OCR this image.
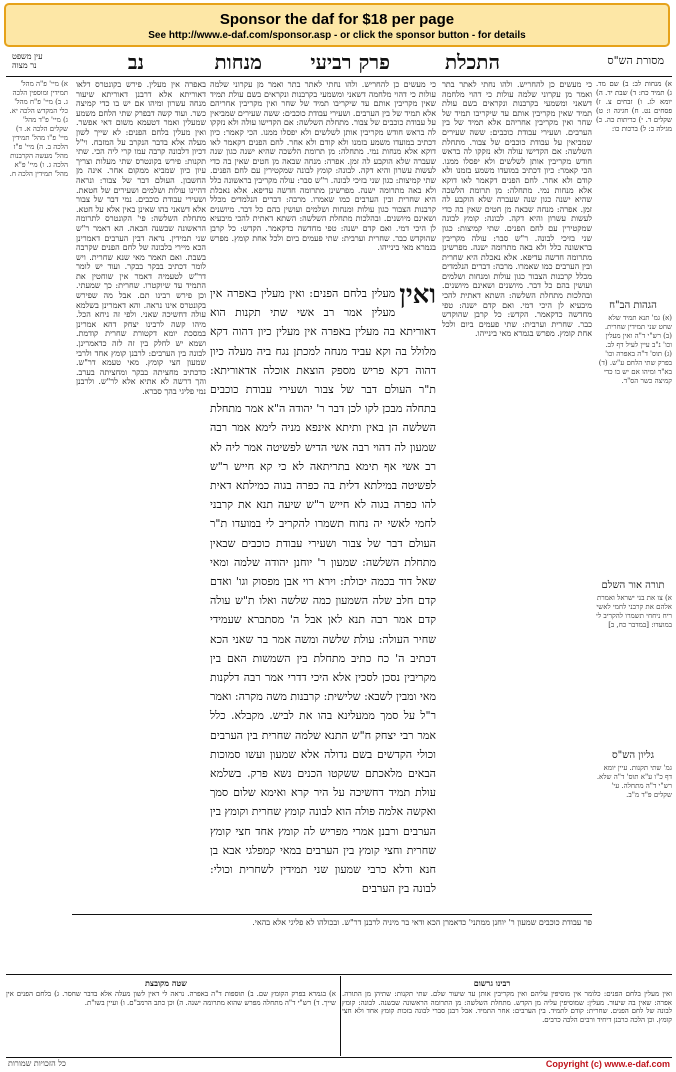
Sponsor the daf for $18 per page
See http://www.e-daf.com/sponsor.asp - or click the sponsor button - for details
מסורת הש"ס
התכלת
פרק רביעי
מנחות
נב
עין משפט
נר מצוה
א) מנחות לב: ב) שם מד. ג) תמיד כח: ד) שבת יד. ה) יומא לג. ו) זבחים צ. ז) פסחים נט. ח) חגיגה ו: ט) שקלים ד. י) כריתות כה. כ) מגילה כ: ל) ברכות כו:
הגהות הב"ח
(א) גמ' תנא תמיד שלא שחט שני תמידין שחרית. (ב) רש"י ד"ה ואין מעלין וכו' נ"ב עיין לעיל דף לב. (ג) תוס' ד"ה באפרה וכו' בפרק שתי הלחם ע"ש. (ד) בא"ד ומיהו אם יש בו כדי קמיצה כשר הס"ד.
תורה אור השלם
א) צו את בני ישראל ואמרת אלהם את קרבני לחמי לאשי ריח ניחחי תשמרו להקריב לי במועדו: [במדבר כח, ב]
גליון הש"ס
גמ' שתי תקנות. עיין יומא דף כ"ו ע"א תוס' ד"ה שלא. רש"י ד"ה מתחלה. עי' שקלים פ"ד מ"ב.
כי מעשים כן להחריש. ולהו נחתי לאתר בתר ואמר מן עקרוני שלמה עולות כי דהוי מלחמה דשאני ומשמעי בקרבנות ונקראים בשם עולת תמיד שאין מקריבין אותם עד שיקריבו תמיד של שחר ואין מקריבין אחריהם אלא תמיד של בין הערבים. ושעירי עבודת כוכבים: ששה שעירים שמביאין על עבודת כוכבים של צבור. מתחלת השלשה: אם הקדישו עולה ולא נזקקו לה בראש חודש מקריבין אותן לשלשים ולא יפסלו ממנו. הכי קאמר: כיון דכתיב במועדו משמע בזמנו ולא קודם ולא אחר. לחם הפנים דקאמר לאו דוקא אלא מנחות נמי. מתחלה: מן תרומת הלשכה שהיא ישנה כגון שנה שעברה שלא הוקבע לה זמן. אפרה: מנחה שבאה מן חטים שאין בה כדי לעשות עשרון והיא דקה. לבונה: קומץ לבונה שמקטירין עם לחם הפנים. שתי קמיצות: כגון שני בזיכי לבונה. ר"ש סבר: עולה מקריבין בראשונה כלל ולא באה מתרומה ישנה. מפרשינן מתרומה חדשה עדיפא. אלא נאכלת היא שחרית ובין הערבים כמו שאמרו. מרבה: דברים הנלמדים מכלל קרבנות הצבור כגון עולות ומנחות ושלמים ועושין בהם כל דבר. מיושנים ושאינם מיושנים. ובהלכות מתחלת השלשה: השתא דאתית להכי מיבעיא לן היכי דמי. ואם קדם ישנה: טפי מחדשה כדקאמר. הקדש: כל קרבן שהוקדש כבר. שחרית וערבית: שתי פעמים ביום ולכל אחת קומץ. מפרש בגמרא מאי בינייהו.
ואין
מעלין בלחם הפנים: ואין מעלין באפרה אין מעלין אמר רב אשי שתי תקנות הוא דאוריתא בה מעלין באפרה אין מעלין כיון דהוה דקא מלולל בה וקא עביד מנחה למכתן נגח ביה מעלה כיון דהוה דקא פריש מספק הוצאת אוכלה אדאוריתא: ת"ר העולם דבר של צבור ושעירי עבודת כוכבים בתחלה מבכן לקו לכן דבר ר' יהודה ה"א אמר מתחלת השלשה הן באין ותיתא אינפא מניה לימא אמר רבה שמעון לה דהוי רבה אשי הדיש לפשיטה אמר ליה לא רב אשי אף תימא בתריתאה לא כי קא חייש ר"ש לפשיטה במילתא דלית בה כפרה בגוה כמילתא דאית להו כפרה בגוה לא חייש ר"ש שיעה תנא את קרבני לחמי לאשי יה נחוח תשמרו להקריב לי במועדו ת"ר העולם דבר של צבור ושעירי עבודת כוכבים שבאין מתחלת השלשה: שמעון ר' יוחנן יהודה שלמה ומאי שאל דוד בכמה יכולת: וירא רוי אבן מפסוק וגו' ואדם קדם חלב שלה השמעון כמה שלשה ואלו ת"ש עולה קדם אמר רבה תנא לאן אבל ה' מסתברא שעמידי שחיר העולה: עולת שלשה ומשה אמר בר שאני הכא דכתיב ה' כח כתיב מתחלת בין השמשות האם בין מקריבין נסכן לסכין אלא היכי דדרי אמר רבה דלקנות מאי ומבין לשבא: שלישית: קרבנות משה מקרה: ואמר ר"ל על סמך ממעלינא בהו את לביש. מקבלא. כלל אמר רבי יצחק ח"ש התנא שלמה שחרית בין הערבים וכולי הקדשים בשם גדולה אלא שמעון ועשו סמוכות הבאים מלאכתם ששקטו הכנים נשא פרק. בשלמא עולת תמיד דחשיכה על היר קרא ואימא שלום סמך ואקשה אלמה פולה הוא לבונה קומץ שחרית וקומץ בין הערבים ורבנן אמרי מפריש לה קומץ אחד חצי קומץ שחרית וחצי קומץ בין הערבים במאי קמפלגי אבא בן חנא ודלא כרבי שמעון שני תמידין לשחרית וכולי: לבונה בין הערבים
כי מעשים כן להחריש. ולהו נחתי לאתר בתר ואמר מן עקרוני שלמה עולות כי דהוי מלחמה דשאני ומשמעי בקרבנות ונקראים בשם עולת תמיד שאין מקריבין אותם עד שיקריבו תמיד של שחר ואין מקריבין אחריהם אלא תמיד של בין הערבים. ושעירי עבודת כוכבים: ששה שעירים שמביאין על עבודת כוכבים של צבור. מתחלת השלשה: אם הקדישו עולה ולא נזקקו לה בראש חודש מקריבין אותן לשלשים ולא יפסלו ממנו. הכי קאמר: כיון דכתיב במועדו משמע בזמנו ולא קודם ולא אחר. לחם הפנים דקאמר לאו דוקא אלא מנחות נמי. מתחלה: מן תרומת הלשכה שהיא ישנה כגון שנה שעברה שלא הוקבע לה זמן. אפרה: מנחה שבאה מן חטים שאין בה כדי לעשות עשרון והיא דקה. לבונה: קומץ לבונה שמקטירין עם לחם הפנים. שתי קמיצות: כגון שני בזיכי לבונה. ר"ש סבר: עולה מקריבין בראשונה כלל ולא באה מתרומה ישנה. מפרשינן מתרומה חדשה עדיפא. אלא נאכלת היא שחרית ובין הערבים כמו שאמרו. מרבה: דברים הנלמדים מכלל קרבנות הצבור כגון עולות ומנחות ושלמים ועושין בהם כל דבר. מיושנים ושאינם מיושנים. ובהלכות מתחלת השלשה: השתא דאתית להכי מיבעיא לן היכי דמי. ואם קדם ישנה: טפי מחדשה כדקאמר. הקדש: כל קרבן שהוקדש כבר. שחרית וערבית: שתי פעמים ביום ולכל אחת קומץ. מפרש בגמרא מאי בינייהו.
באפרה אין מעלין. פירש בקונטרס דלאו דאוריתא אלא דרבנן דאוריתא שיעור מנחה עשרון ומיהו אם יש בו כדי קמיצה כשר. ועוד קשה דבפרק שתי הלחם משמע שמעלין ואמר דטעמא משום דאי אפשר. ואין מעלין בלחם הפנים: לא שייך לשון מעלה אלא בדבר הנקרב על המזבח. וי"ל דכיון דלבונה קרבה עמו קרי ליה הכי. שתי תקנות: פירש בקונטרס שתי מעלות וצריך עיון כיון שמביא ממקום אחר. אינה מן החשבון. העולם דבר של צבור: ונראה דהיינו עולות ושלמים ושעירים של חטאת. ושעירי עבודת כוכבים. נמי דבר של צבור אלא דשאני בהו שאינן באין אלא על חטא. מתחלת השלשה: פי' הקונטרס לתרומה הראשונה שבשנה הבאה. הא דאמר ר"ש שני תמידין. נראה דבין הערבים דאמרינן הכא מיירי בלבונה של לחם הפנים שקרבה בשבת. ואם תאמר מאי שנא שחרית. ויש לומר דכתיב בבקר בבקר. ועוד יש לומר דר"ש לטעמיה דאמר אין שוחטין את התמיד עד שיוקטרו. שחרית: כך שמעתי. וכן פירש רבינו תם. אבל מה שפירש בקונטרס אינו נראה. והא דאמרינן בשלמא עולה דחשיכה שאני. ולפי זה ניחא הכל. מיהו קשה לרבינו יצחק דהא אמרינן במסכת יומא דקטורת שחרית קודמת. ושמא יש לחלק בין זה לזה כדאמרינן. לבונה בין הערבים: לרבנן קומץ אחד ולרבי שמעון חצי קומץ. מאי טעמא דר"ש. כדכתיב מחציתה בבקר ומחציתה בערב. והך דרשה לא אתיא אלא לר"ש. ולרבנן נמי פליגי בהך סברא.
א) מיי' פ"ה מהל' תמידין ומוספין הלכה ג. ב) מיי' פ"ח מהל' כלי המקדש הלכה יא. ג) מיי' פ"ד מהל' שקלים הלכה א. ד) מיי' פ"ו מהל' תמידין הלכה ב. ה) מיי' פ"ז מהל' מעשה הקרבנות הלכה ג. ו) מיי' פ"א מהל' תמידין הלכה ח.
פר עבודת כוכבים שמעון ר' יוחנן ממתני' כדאמרן הכא ודאי בר מיניה לרבנן דר"ש. ובכולהו לא פליגי אלא בהאי.
רבינו גרשום
ואין מעלין בלחם הפנים: כלומר אין מוסיפין עליהם ואין מקריבין אותן עד שיעור שלם. שתי תקנות: שתיהן מן התורה. אפרה: שאין בה שיעור. מעלין: שמוסיפין עליה מן הקדש. מתחלת השלשה: מן התרומה הראשונה שבשנה. לבונה: קומץ לבונה של לחם הפנים. שחרית: קודם לתמיד. בין הערבים: אחר התמיד. אבל רבנן סברי לבונה בזכות קומץ אחד ולא חצי קומץ. וכן הלכה כרבנן דיחיד ורבים הלכה כרבים.
שטה מקובצת
א) בגמרא בפרק הקומץ שם. ב) תוספות ד"ה באפרה. נראה לי דאין לשון מעלה אלא בדבר שחסר. ג) בלחם הפנים אין שייך. ד) רש"י ד"ה מתחלה מפרש שהוא מתרומה ישנה. ה) וכן כתב הרמב"ם. ו) ועיין בשו"ת.
כל הזכויות שמורות	Copyright (c) www.e-daf.com
